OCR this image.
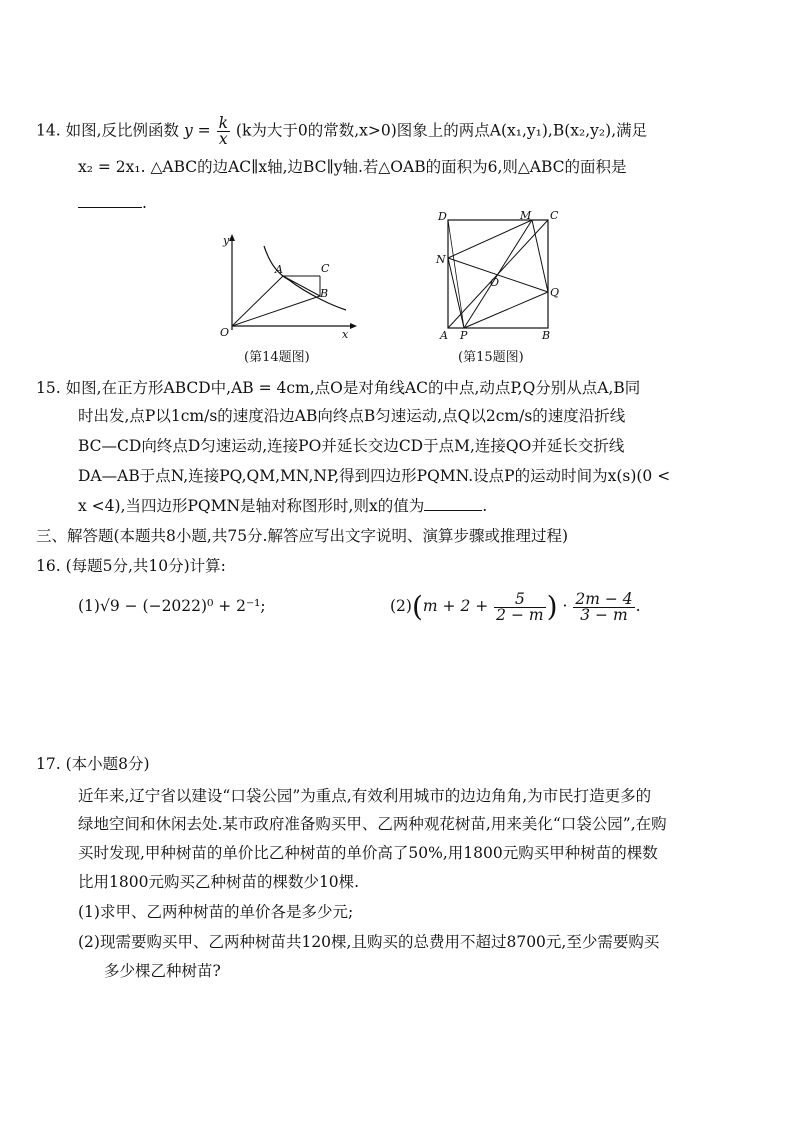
14. 如图,反比例函数 $y = \frac{k}{x} (k$为大于0的常数,x>0)图象上的两点A(x₁,y₁),B(x₂,y₂),满足
x₂ = 2x₁. △ABC的边AC∥x轴,边BC∥y轴.若△OAB的面积为6,则△ABC的面积是
.
y
O	x
A	C
B
(第14题图)
D	M C
N
O
Q
A P	B
(第15题图)
15. 如图,在正方形ABCD中,AB = 4cm,点O是对角线AC的中点,动点P,Q分别从点A,B同
时出发,点P以1cm/s的速度沿边AB向终点B匀速运动,点Q以2cm/s的速度沿折线
BC—CD向终点D匀速运动,连接PO并延长交边CD于点M,连接QO并延长交折线
DA—AB于点N,连接PQ,QM,MN,NP,得到四边形PQMN.设点P的运动时间为x(s)(0 <
x <4),当四边形PQMN是轴对称图形时,则x的值为	.
三、解答题(本题共8小题,共75分.解答应写出文字说明、演算步骤或推理过程)
16. (每题5分,共10分)计算:
(1)√9 − (−2022)⁰ + 2⁻¹;	$(2)(m + 2 + \frac{5}{2 - m}$ ) · $\frac{2m - 4}{3 - m}$ .
17. (本小题8分)
近年来,辽宁省以建设“口袋公园”为重点,有效利用城市的边边角角,为市民打造更多的
绿地空间和休闲去处.某市政府准备购买甲、乙两种观花树苗,用来美化“口袋公园”,在购
买时发现,甲种树苗的单价比乙种树苗的单价高了50%,用1800元购买甲种树苗的棵数
比用1800元购买乙种树苗的棵数少10棵.
(1)求甲、乙两种树苗的单价各是多少元;
(2)现需要购买甲、乙两种树苗共120棵,且购买的总费用不超过8700元,至少需要购买
多少棵乙种树苗?
